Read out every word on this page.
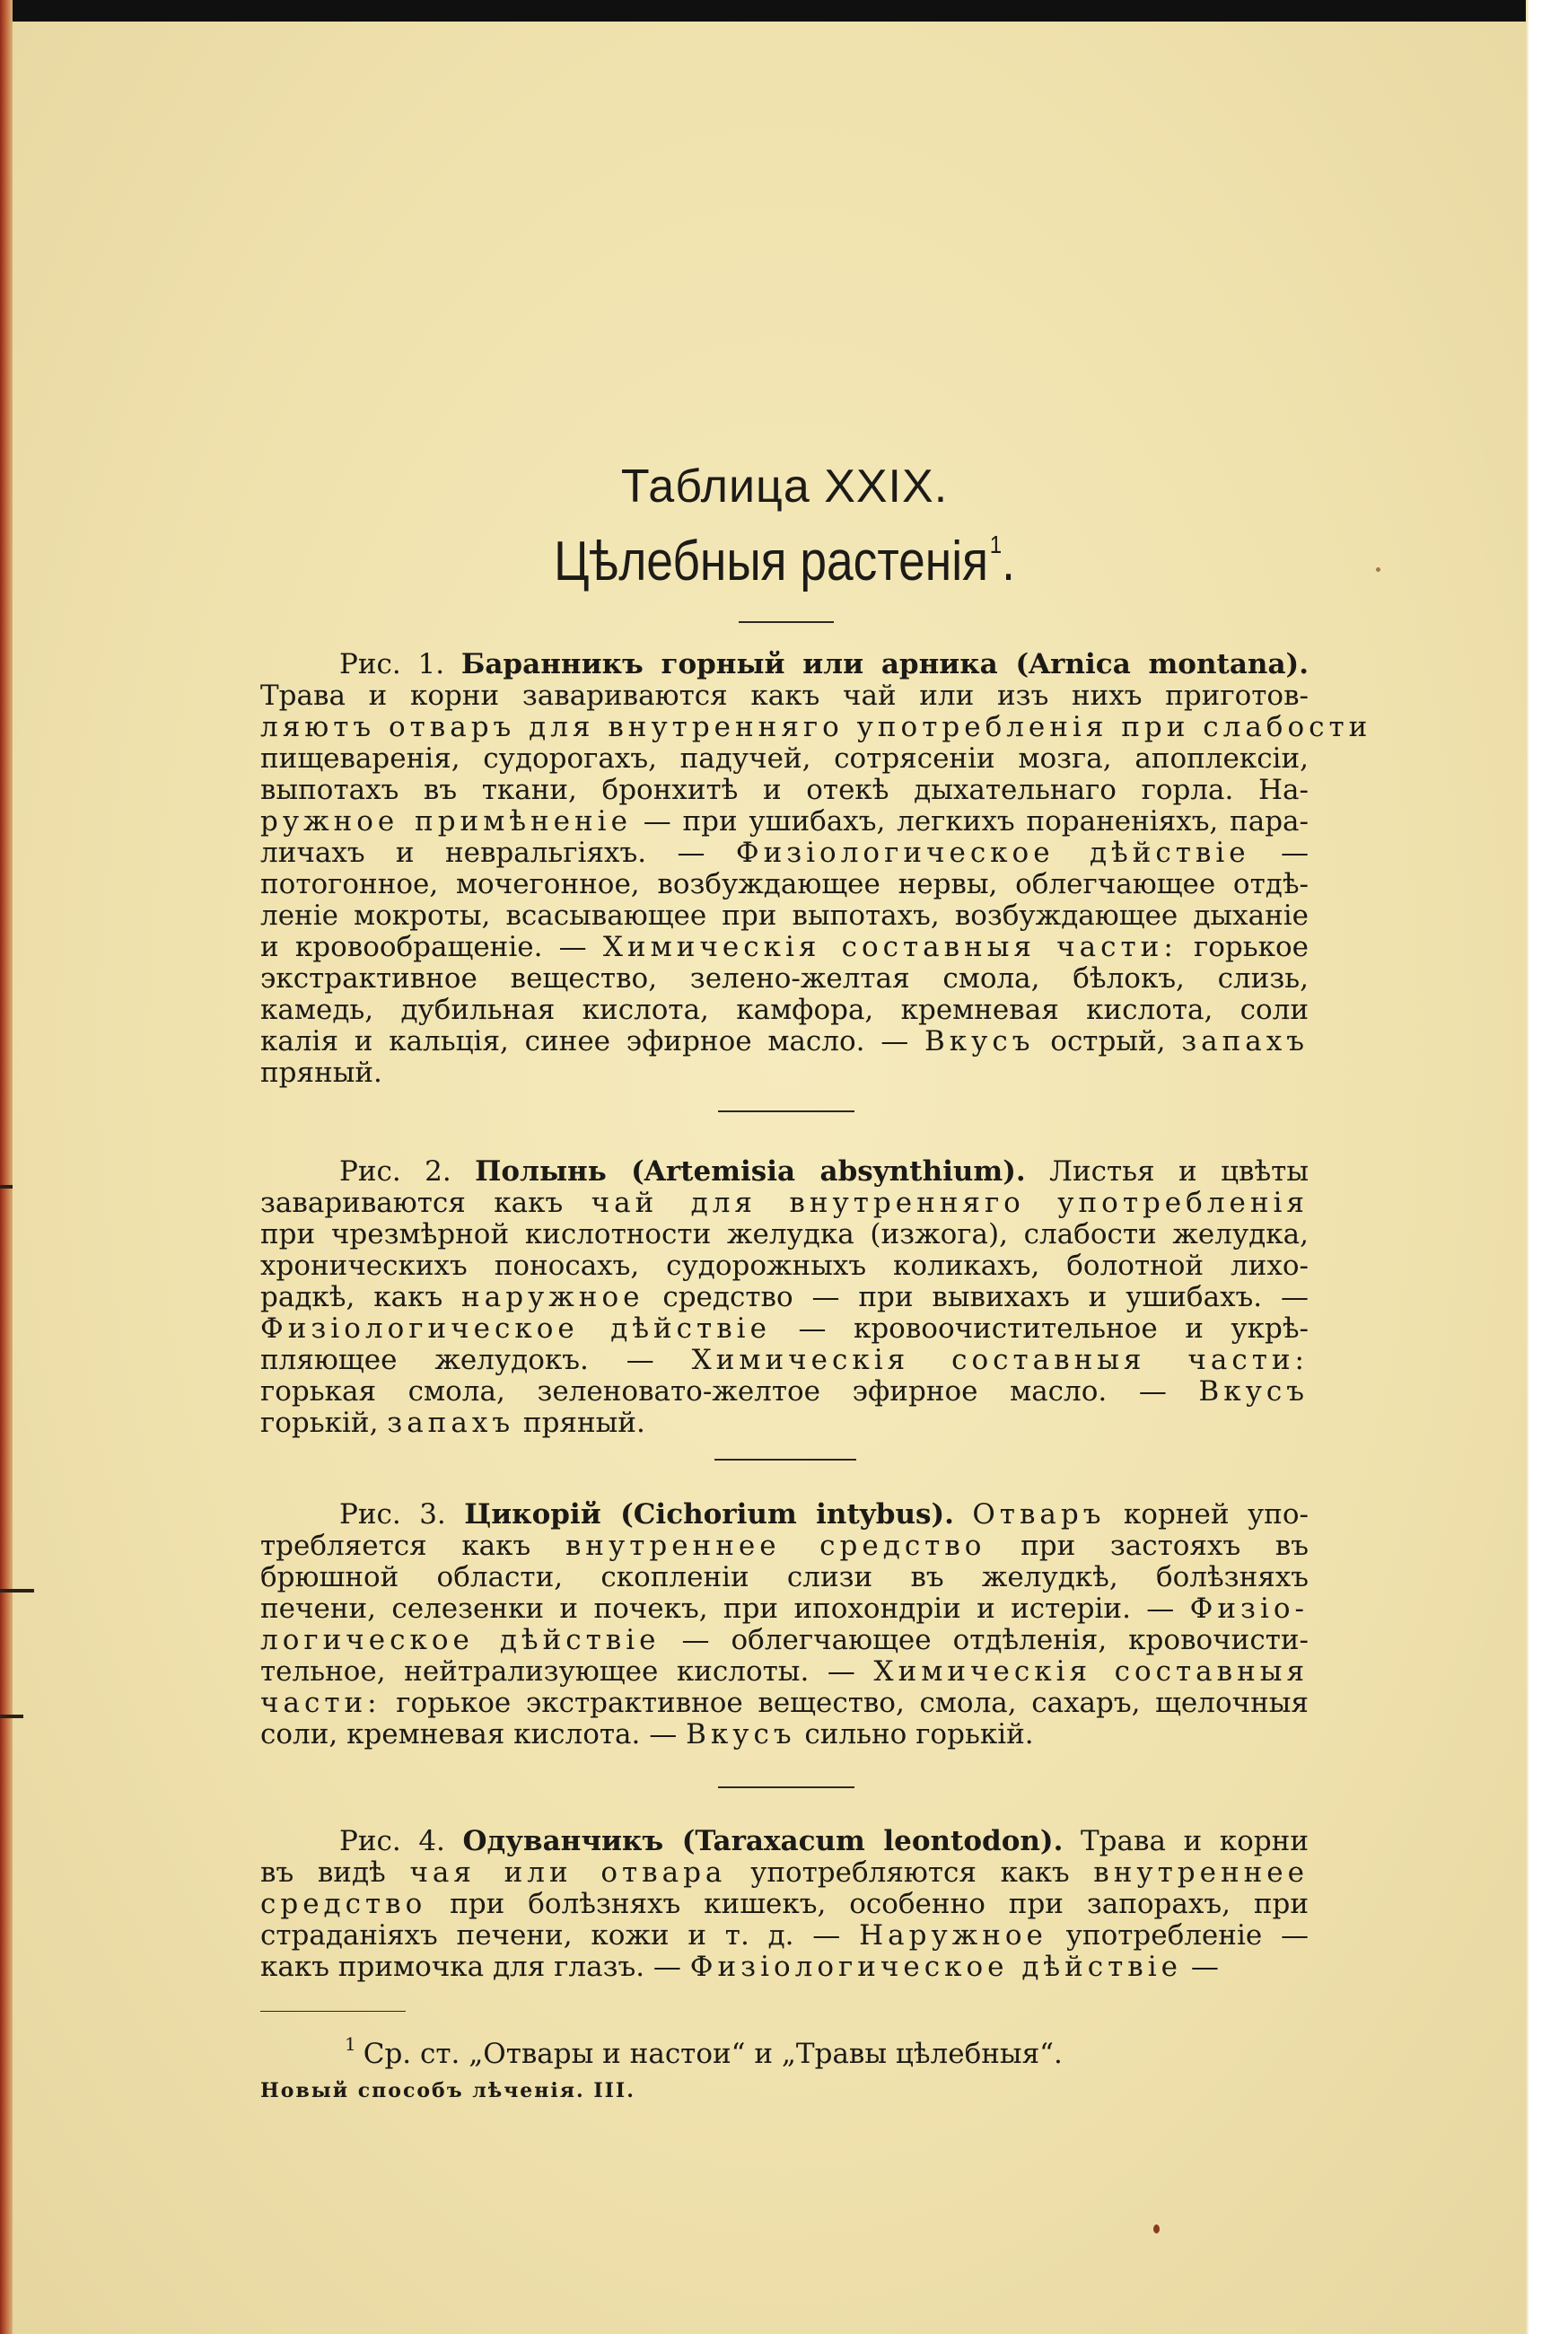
Таблица XXIX.
Цѣлебныя растенія$^1$.
Рис. 1. Баранникъ горный или арника (Arnica montana).
Трава и корни завариваются какъ чай или изъ нихъ приготов-
ляютъ отваръ для внутренняго употребленія при слабости
пищеваренія, судорогахъ, падучей, сотрясеніи мозга, апоплексіи,
выпотахъ въ ткани, бронхитѣ и отекѣ дыхательнаго горла. На-
ружное примѣненіе — при ушибахъ, легкихъ пораненіяхъ, пара-
личахъ и невральгіяхъ. — Физіологическое дѣйствіе —
потогонное, мочегонное, возбуждающее нервы, облегчающее отдѣ-
леніе мокроты, всасывающее при выпотахъ, возбуждающее дыханіе
и кровообращеніе. — Химическія составныя части: горькое
экстрактивное вещество, зелено-желтая смола, бѣлокъ, слизь,
камедь, дубильная кислота, камфора, кремневая кислота, соли
калія и кальція, синее эфирное масло. — Вкусъ острый, запахъ
пряный.
Рис. 2. Полынь (Artemisia absynthium). Листья и цвѣты
завариваются какъ чай для внутренняго употребленія
при чрезмѣрной кислотности желудка (изжога), слабости желудка,
хроническихъ поносахъ, судорожныхъ коликахъ, болотной лихо-
радкѣ, какъ наружное средство — при вывихахъ и ушибахъ. —
Физіологическое дѣйствіе — кровоочистительное и укрѣ-
пляющее желудокъ. — Химическія составныя части:
горькая смола, зеленовато-желтое эфирное масло. — Вкусъ
горькій, запахъ пряный.
Рис. 3. Цикорій (Cichorium intybus). Отваръ корней упо-
требляется какъ внутреннее средство при застояхъ въ
брюшной области, скопленіи слизи въ желудкѣ, болѣзняхъ
печени, селезенки и почекъ, при ипохондріи и истеріи. — Физіо-
логическое дѣйствіе — облегчающее отдѣленія, кровочисти-
тельное, нейтрализующее кислоты. — Химическія составныя
части: горькое экстрактивное вещество, смола, сахаръ, щелочныя
соли, кремневая кислота. — Вкусъ сильно горькій.
Рис. 4. Одуванчикъ (Taraxacum leontodon). Трава и корни
въ видѣ чая или отвара употребляются какъ внутреннее
средство при болѣзняхъ кишекъ, особенно при запорахъ, при
страданіяхъ печени, кожи и т. д. — Наружное употребленіе —
какъ примочка для глазъ. — Физіологическое дѣйствіе —
$^1$ Ср. ст. „Отвары и настои“ и „Травы цѣлебныя“.
Новый способъ лѣченія. III.
